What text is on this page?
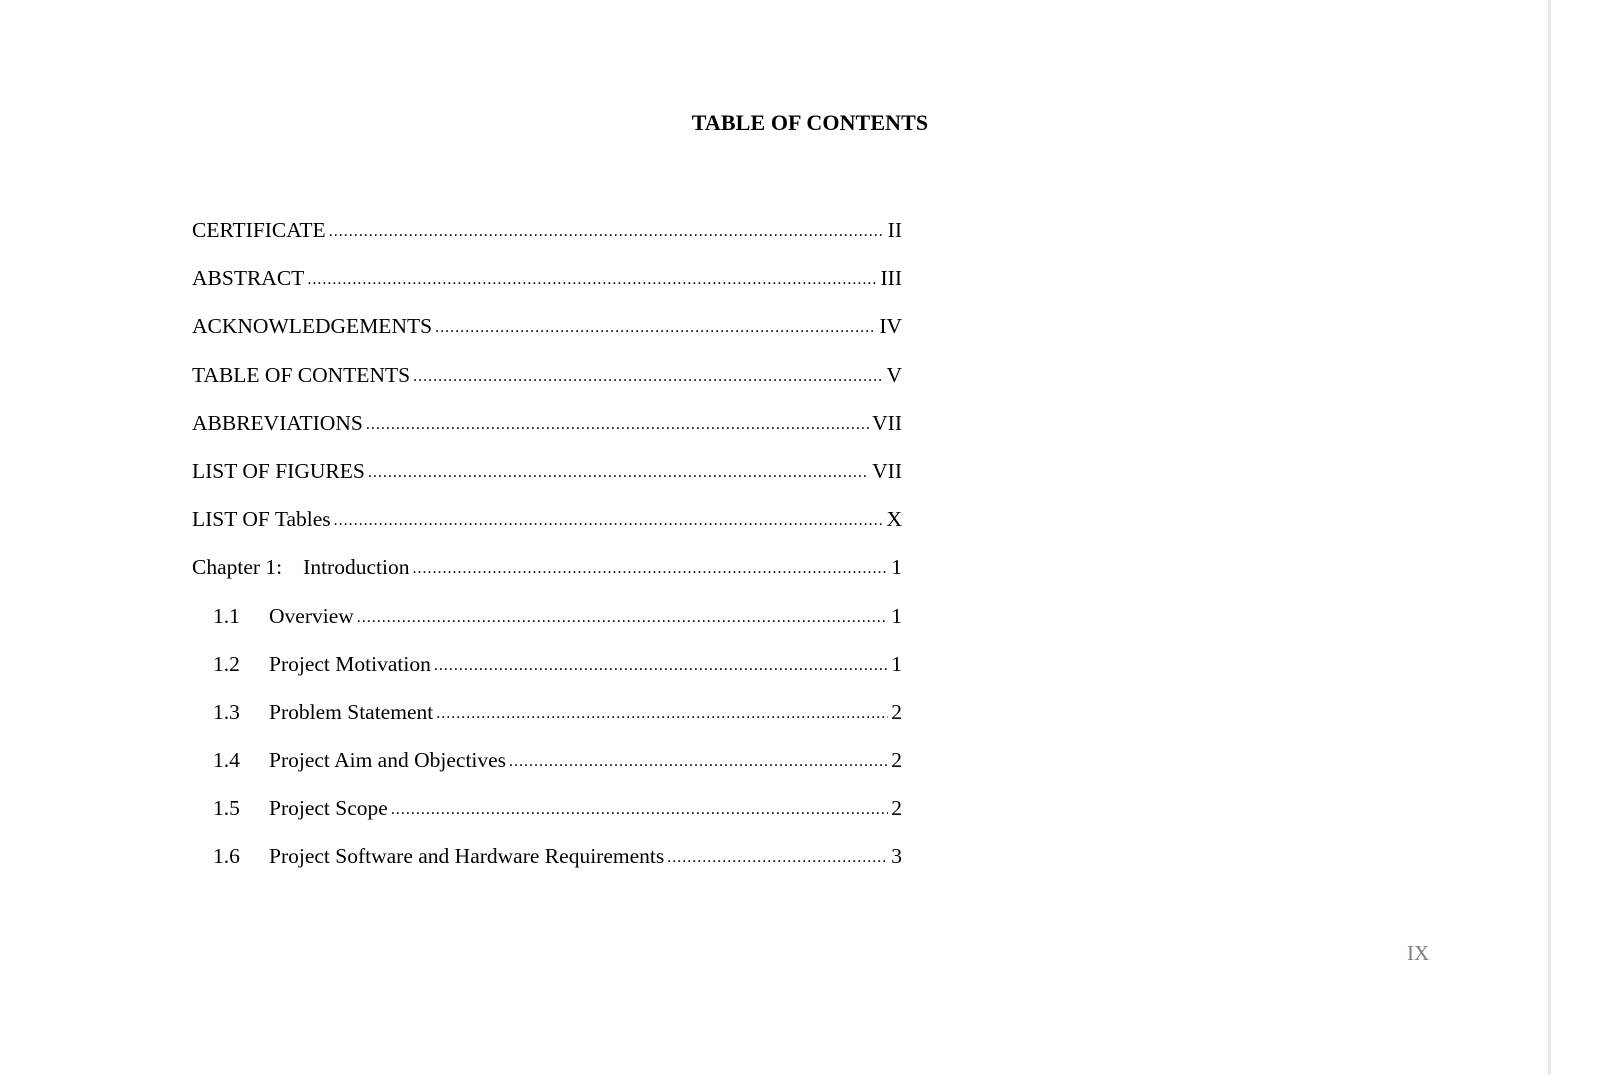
TABLE OF CONTENTS
CERTIFICATE .....	II
ABSTRACT .....	III
ACKNOWLEDGEMENTS .....	IV
TABLE OF CONTENTS .....	V
ABBREVIATIONS .....	VII
LIST OF FIGURES .....	VII
LIST OF Tables .....	X
Chapter 1: Introduction .....	1
1.1	Overview .....	1
1.2	Project Motivation .....	1
1.3	Problem Statement .....	2
1.4	Project Aim and Objectives .....	2
1.5	Project Scope .....	2
1.6	Project Software and Hardware Requirements .....	3
IX
